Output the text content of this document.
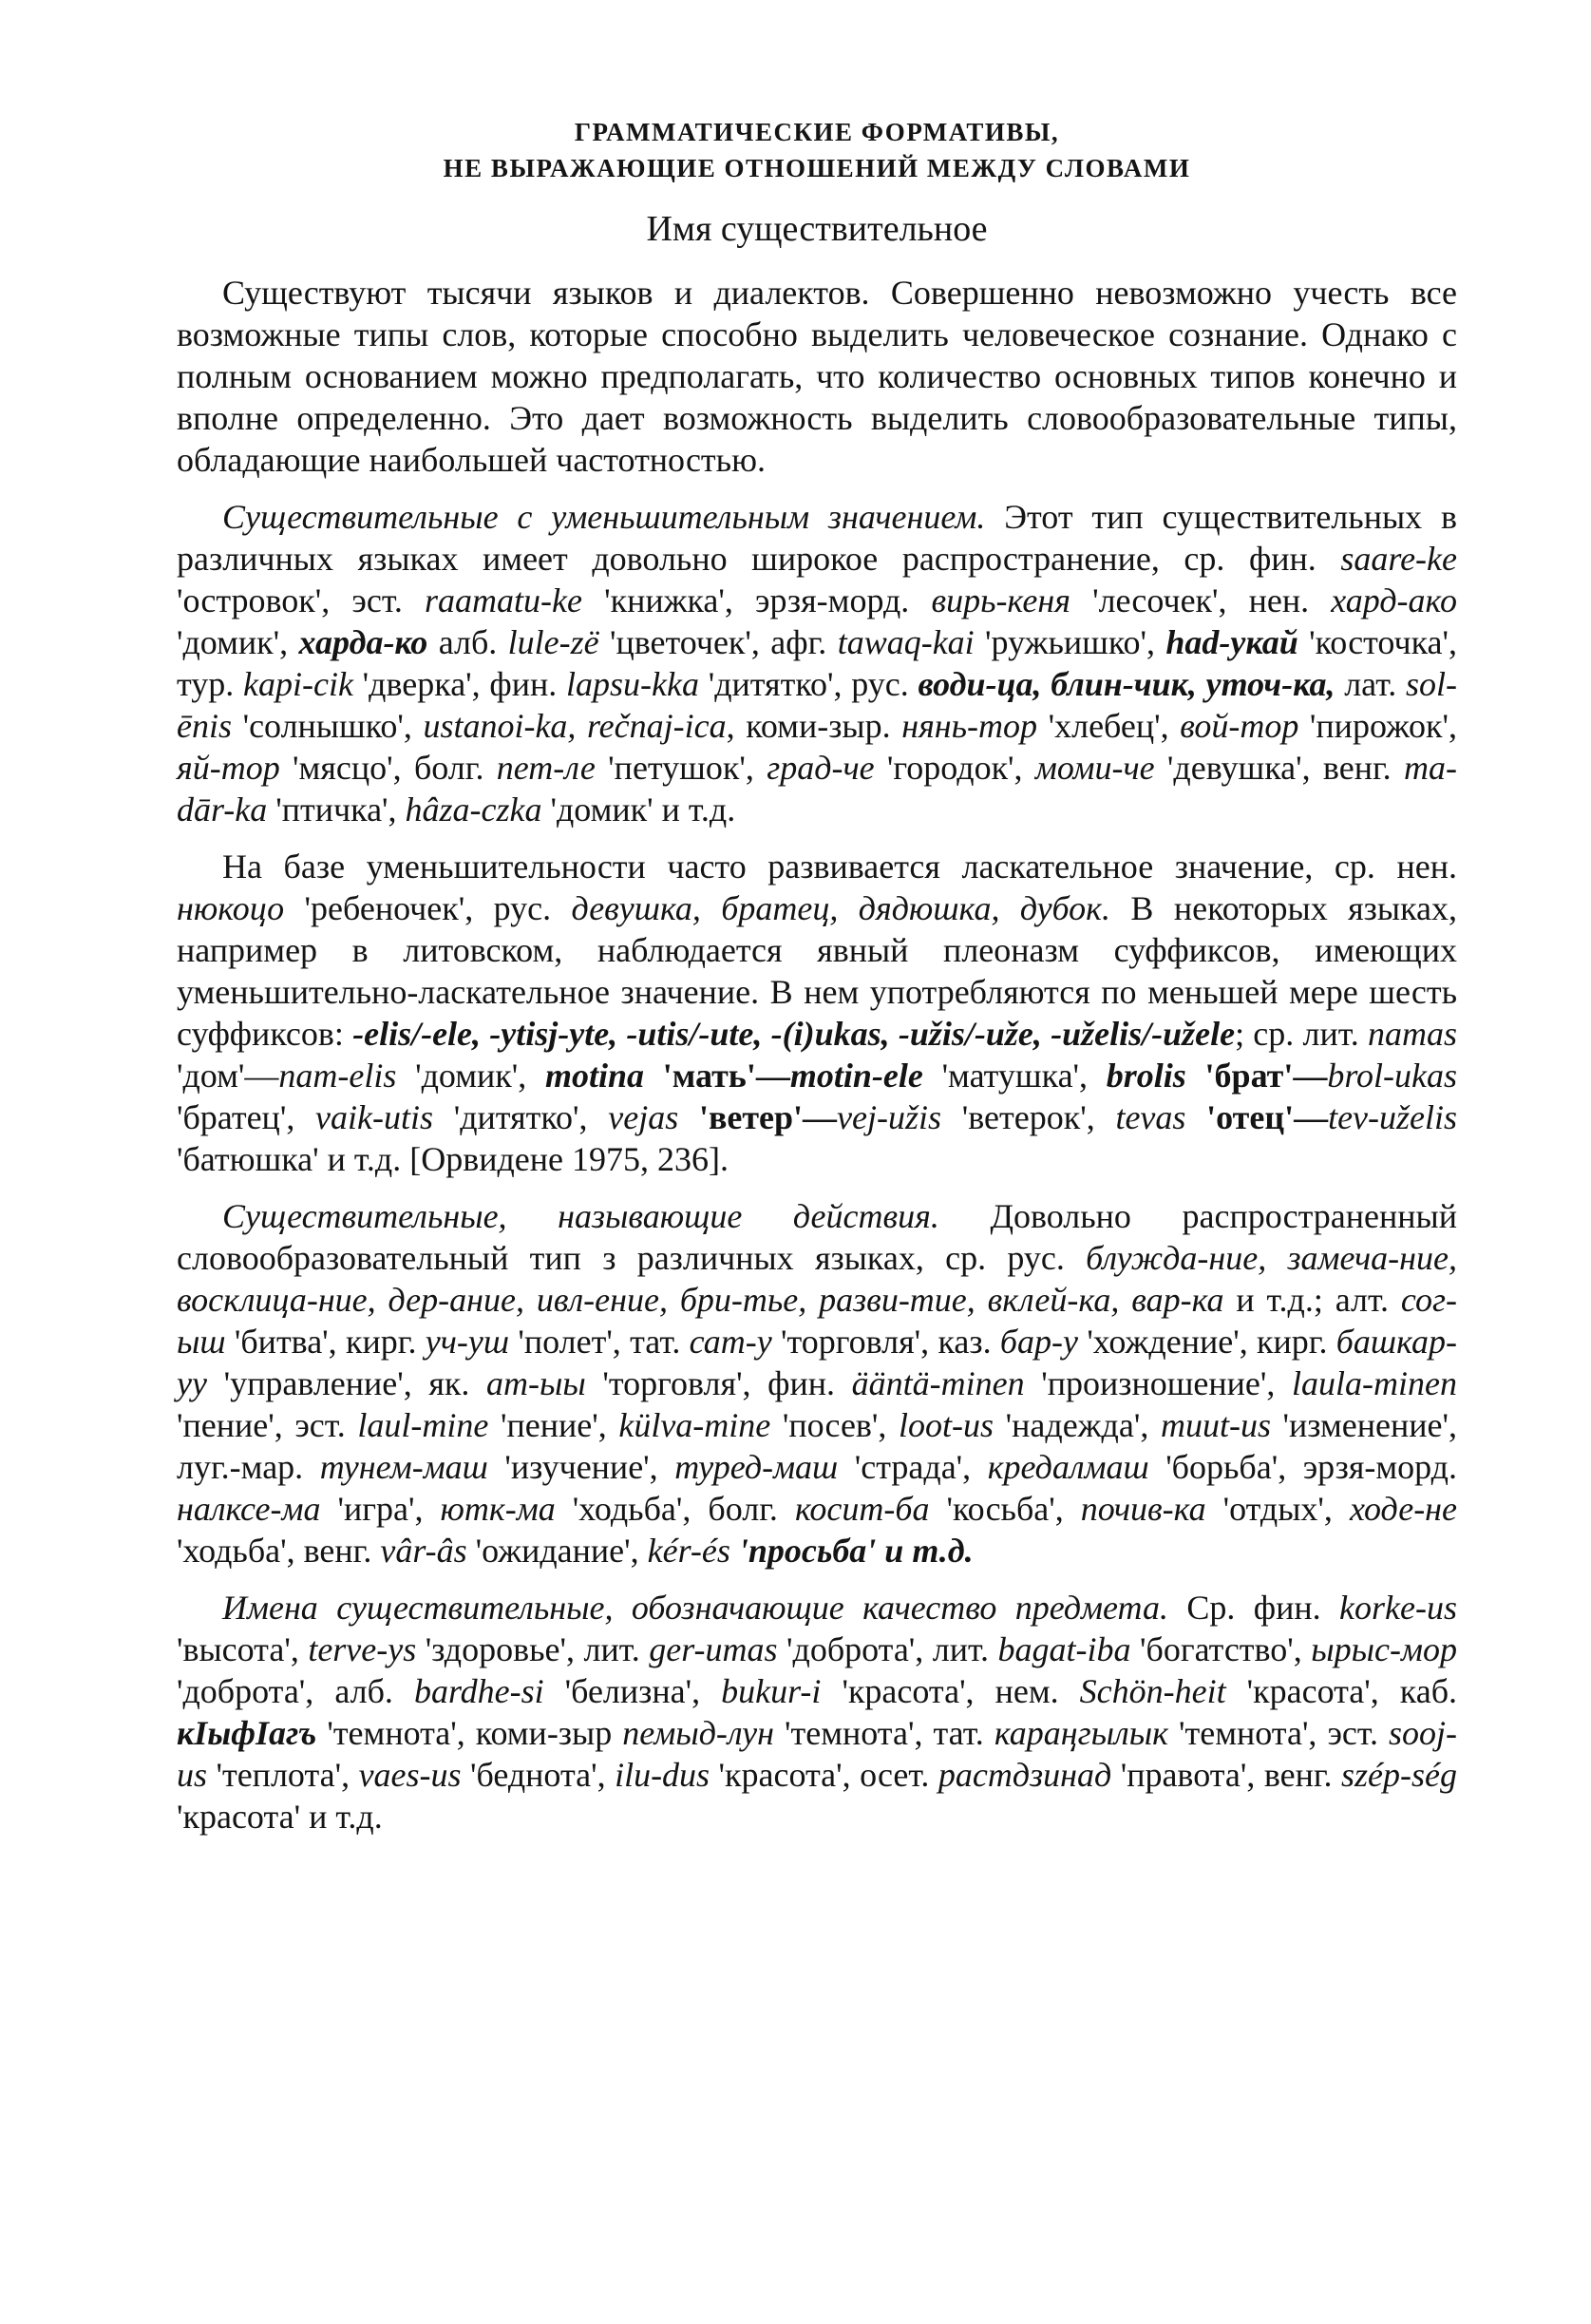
ГРАММАТИЧЕСКИЕ ФОРМАТИВЫ,
НЕ ВЫРАЖАЮЩИЕ ОТНОШЕНИЙ МЕЖДУ СЛОВАМИ
Имя существительное

Существуют тысячи языков и диалектов. Совершенно невозможно учесть все возможные типы слов, которые способно выделить человеческое сознание. Однако с полным основанием можно предполагать, что количество основных типов конечно и вполне определенно. Это дает возможность выделить словообразовательные типы, обладающие наибольшей частотностью.

Существительные с уменьшительным значением. Этот тип существительных в различных языках имеет довольно широкое распространение, ср. фин. saare-ke 'островок', эст. raamatu-ke 'книжка', эрзя-морд. вирь-кеня 'лесочек', нен. хард-ако 'домик', харда-ко алб. lule-zë 'цветочек', афг. tawaq-kai 'ружьишко', had-укай 'косточка', тур. kapi-cik 'дверка', фин. lapsu-kka 'дитятко', рус. води-ца, блин-чик, уточ-ка, лат. sol-ēnis 'солнышко', ustanoi-ka, rečnaj-ica, коми-зыр. нянь-тор 'хлебец', вой-тор 'пирожок', яй-тор 'мясцо', болг. пет-ле 'петушок', град-че 'городок', моми-че 'девушка', венг. ma-dār-ka 'птичка', hâza-czka 'домик' и т.д.

На базе уменьшительности часто развивается ласкательное значение, ср. нен. нюкоцо 'ребеночек', рус. девушка, братец, дядюшка, дубок. В некоторых языках, например в литовском, наблюдается явный плеоназм суффиксов, имеющих уменьшительно-ласкательное значение. В нем употребляются по меньшей мере шесть суффиксов: -elis/-ele, -ytisj-yte, -utis/-ute, -(i)ukas, -užis/-uže, -uželis/-užele; ср. лит. namas 'дом'—nam-elis 'домик', motina 'мать'—motin-ele 'матушка', brolis 'брат'—brol-ukas 'братец', vaik-utis 'дитятко', vejas 'ветер'—vej-užis 'ветерок', tevas 'отец'—tev-uželis 'батюшка' и т.д. [Орвидене 1975, 236].

Существительные, называющие действия. Довольно распространенный словообразовательный тип з различных языках, ср. рус. блужда-ние, замеча-ние, восклица-ние, дер-ание, ивл-ение, бри-тье, разви-тие, вклей-ка, вар-ка и т.д.; алт. сог-ыш 'битва', кирг. уч-уш 'полет', тат. сат-у 'торговля', каз. бар-у 'хождение', кирг. башкар-уу 'управление', як. ат-ыы 'торговля', фин. ääntä-minen 'произношение', laula-minen 'пение', эст. laul-mine 'пение', külva-mine 'посев', loot-us 'надежда', muut-us 'изменение', луг.-мар. тунем-маш 'изучение', туред-маш 'страда', кредалмаш 'борьба', эрзя-морд. налксе-ма 'игра', ютк-ма 'ходьба', болг. косит-ба 'косьба', почив-ка 'отдых', ходе-не 'ходьба', венг. vâr-âs 'ожидание', kér-és 'просьба' и т.д.

Имена существительные, обозначающие качество предмета. Ср. фин. korke-us 'высота', terve-ys 'здоровье', лит. ger-umas 'доброта', лит. bagat-iba 'богатство', ырыс-мор 'доброта', алб. bardhe-si 'белизна', bukur-i 'красота', нем. Schön-heit 'красота', каб. кIыфIагъ 'темнота', коми-зыр пемыд-лун 'темнота', тат. караңгылык 'темнота', эст. sooj-us 'теплота', vaes-us 'беднота', ilu-dus 'красота', осет. растдзинад 'правота', венг. szép-ség 'красота' и т.д.
